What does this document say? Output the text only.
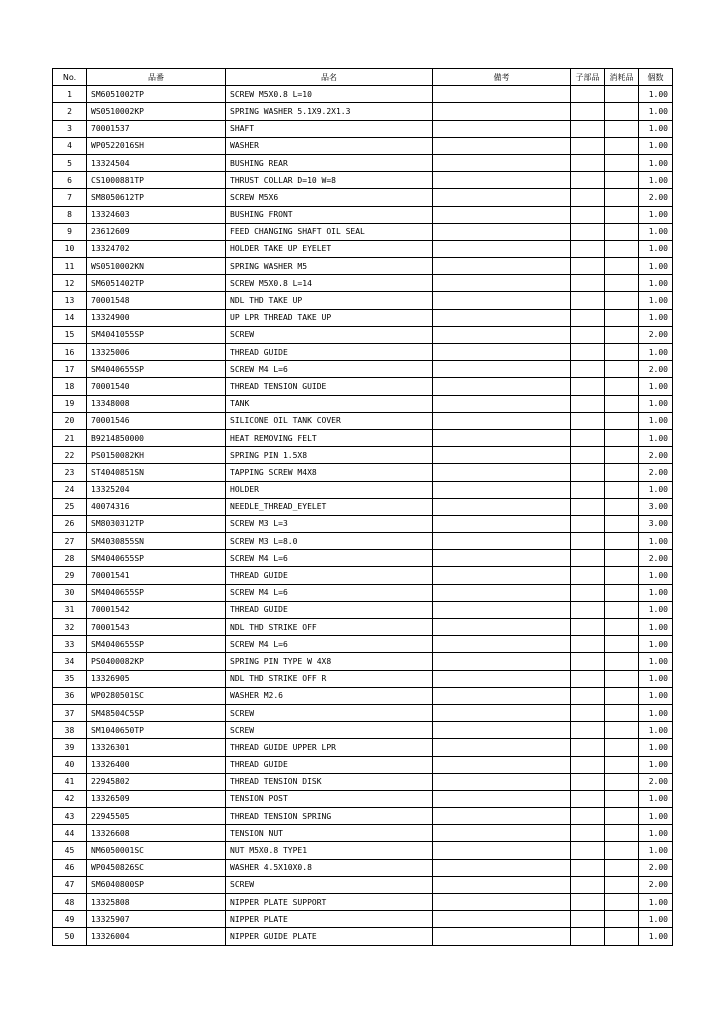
No.	品番	品名	備考	子部品	消耗品	個数
1	SM6051002TP	SCREW M5X0.8 L=10				1.00
2	WS0510002KP	SPRING WASHER 5.1X9.2X1.3				1.00
3	70001537	SHAFT				1.00
4	WP0522016SH	WASHER				1.00
5	13324504	BUSHING REAR				1.00
6	CS1000881TP	THRUST COLLAR D=10 W=8				1.00
7	SM8050612TP	SCREW M5X6				2.00
8	13324603	BUSHING FRONT				1.00
9	23612609	FEED CHANGING SHAFT OIL SEAL				1.00
10	13324702	HOLDER TAKE UP EYELET				1.00
11	WS0510002KN	SPRING WASHER M5				1.00
12	SM6051402TP	SCREW M5X0.8 L=14				1.00
13	70001548	NDL THD TAKE UP				1.00
14	13324900	UP LPR THREAD TAKE UP				1.00
15	SM4041055SP	SCREW				2.00
16	13325006	THREAD GUIDE				1.00
17	SM4040655SP	SCREW M4 L=6				2.00
18	70001540	THREAD TENSION GUIDE				1.00
19	13348008	TANK				1.00
20	70001546	SILICONE OIL TANK COVER				1.00
21	B9214850000	HEAT REMOVING FELT				1.00
22	PS0150082KH	SPRING PIN 1.5X8				2.00
23	ST4040851SN	TAPPING SCREW M4X8				2.00
24	13325204	HOLDER				1.00
25	40074316	NEEDLE_THREAD_EYELET				3.00
26	SM8030312TP	SCREW M3 L=3				3.00
27	SM4030855SN	SCREW M3 L=8.0				1.00
28	SM4040655SP	SCREW M4 L=6				2.00
29	70001541	THREAD GUIDE				1.00
30	SM4040655SP	SCREW M4 L=6				1.00
31	70001542	THREAD GUIDE				1.00
32	70001543	NDL THD STRIKE OFF				1.00
33	SM4040655SP	SCREW M4 L=6				1.00
34	PS0400082KP	SPRING PIN TYPE W 4X8				1.00
35	13326905	NDL THD STRIKE OFF R				1.00
36	WP0280501SC	WASHER M2.6				1.00
37	SM48504C5SP	SCREW				1.00
38	SM1040650TP	SCREW				1.00
39	13326301	THREAD GUIDE UPPER LPR				1.00
40	13326400	THREAD GUIDE				1.00
41	22945802	THREAD TENSION DISK				2.00
42	13326509	TENSION POST				1.00
43	22945505	THREAD TENSION SPRING				1.00
44	13326608	TENSION NUT				1.00
45	NM6050001SC	NUT M5X0.8 TYPE1				1.00
46	WP0450826SC	WASHER 4.5X10X0.8				2.00
47	SM6040800SP	SCREW				2.00
48	13325808	NIPPER PLATE SUPPORT				1.00
49	13325907	NIPPER PLATE				1.00
50	13326004	NIPPER GUIDE PLATE				1.00
